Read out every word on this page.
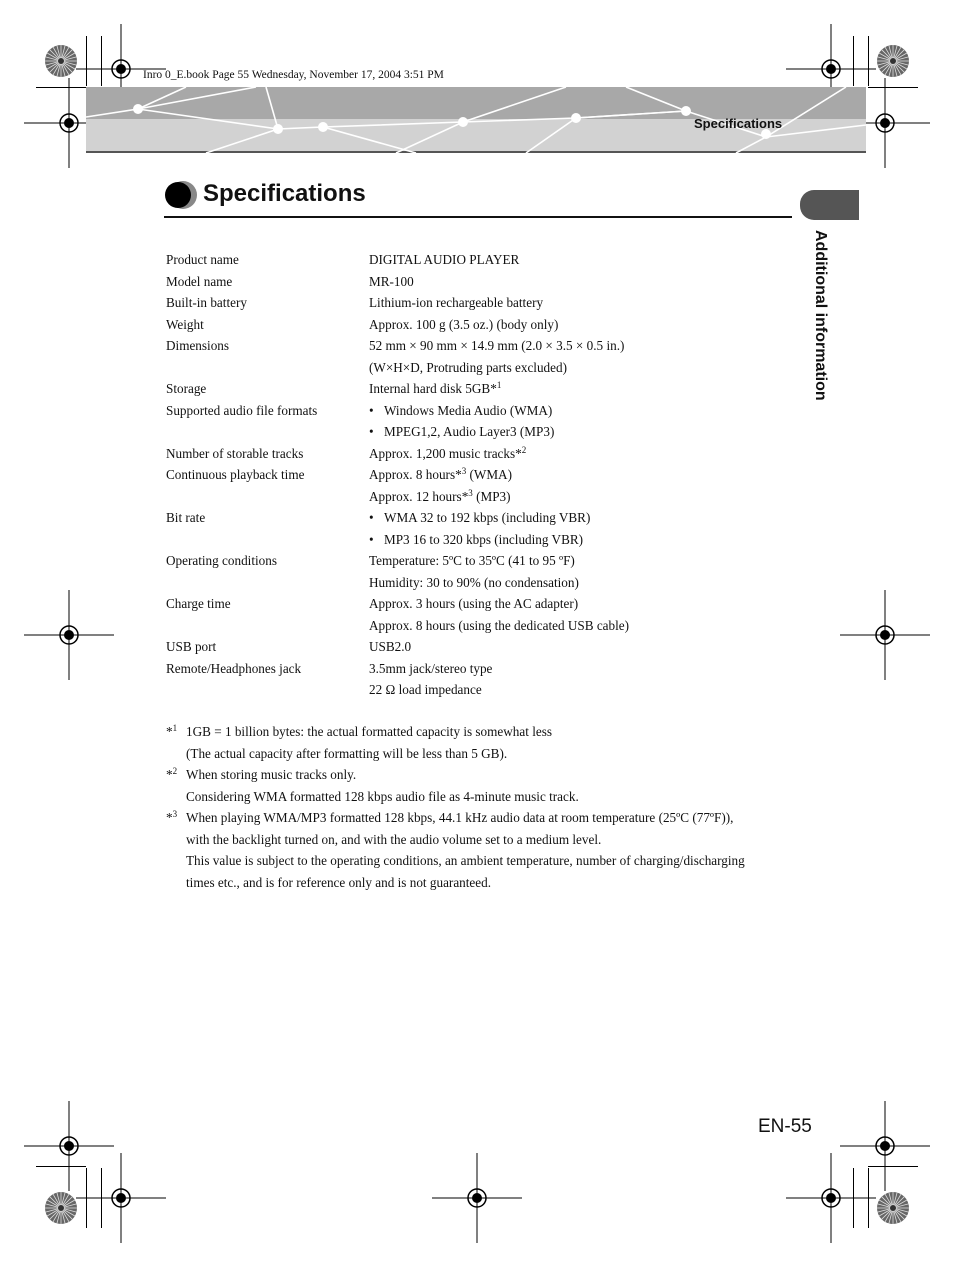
Inro 0_E.book Page 55 Wednesday, November 17, 2004 3:51 PM
Specifications
Specifications
Additional information
Product name	DIGITAL AUDIO PLAYER
Model name	MR-100
Built-in battery	Lithium-ion rechargeable battery
Weight	Approx. 100 g (3.5 oz.) (body only)
Dimensions	52 mm × 90 mm × 14.9 mm (2.0 × 3.5 × 0.5 in.)
(W×H×D, Protruding parts excluded)
Storage	Internal hard disk 5GB*$^1$
Supported audio file formats	• Windows Media Audio (WMA)
• MPEG1,2, Audio Layer3 (MP3)
Number of storable tracks	Approx. 1,200 music tracks*$^2$
Continuous playback time	Approx. 8 hours*$^3$ (WMA)
Approx. 12 hours*$^3$ (MP3)
Bit rate	• WMA 32 to 192 kbps (including VBR)
• MP3 16 to 320 kbps (including VBR)
Operating conditions	Temperature: 5ºC to 35ºC (41 to 95 ºF)
Humidity: 30 to 90% (no condensation)
Charge time	Approx. 3 hours (using the AC adapter)
Approx. 8 hours (using the dedicated USB cable)
USB port	USB2.0
Remote/Headphones jack	3.5mm jack/stereo type
22 Ω load impedance
*$^1$ 1GB = 1 billion bytes: the actual formatted capacity is somewhat less
(The actual capacity after formatting will be less than 5 GB).
*$^2$ When storing music tracks only.
Considering WMA formatted 128 kbps audio file as 4-minute music track.
*$^3$ When playing WMA/MP3 formatted 128 kbps, 44.1 kHz audio data at room temperature (25ºC (77ºF)),
with the backlight turned on, and with the audio volume set to a medium level.
This value is subject to the operating conditions, an ambient temperature, number of charging/discharging
times etc., and is for reference only and is not guaranteed.
EN-55
